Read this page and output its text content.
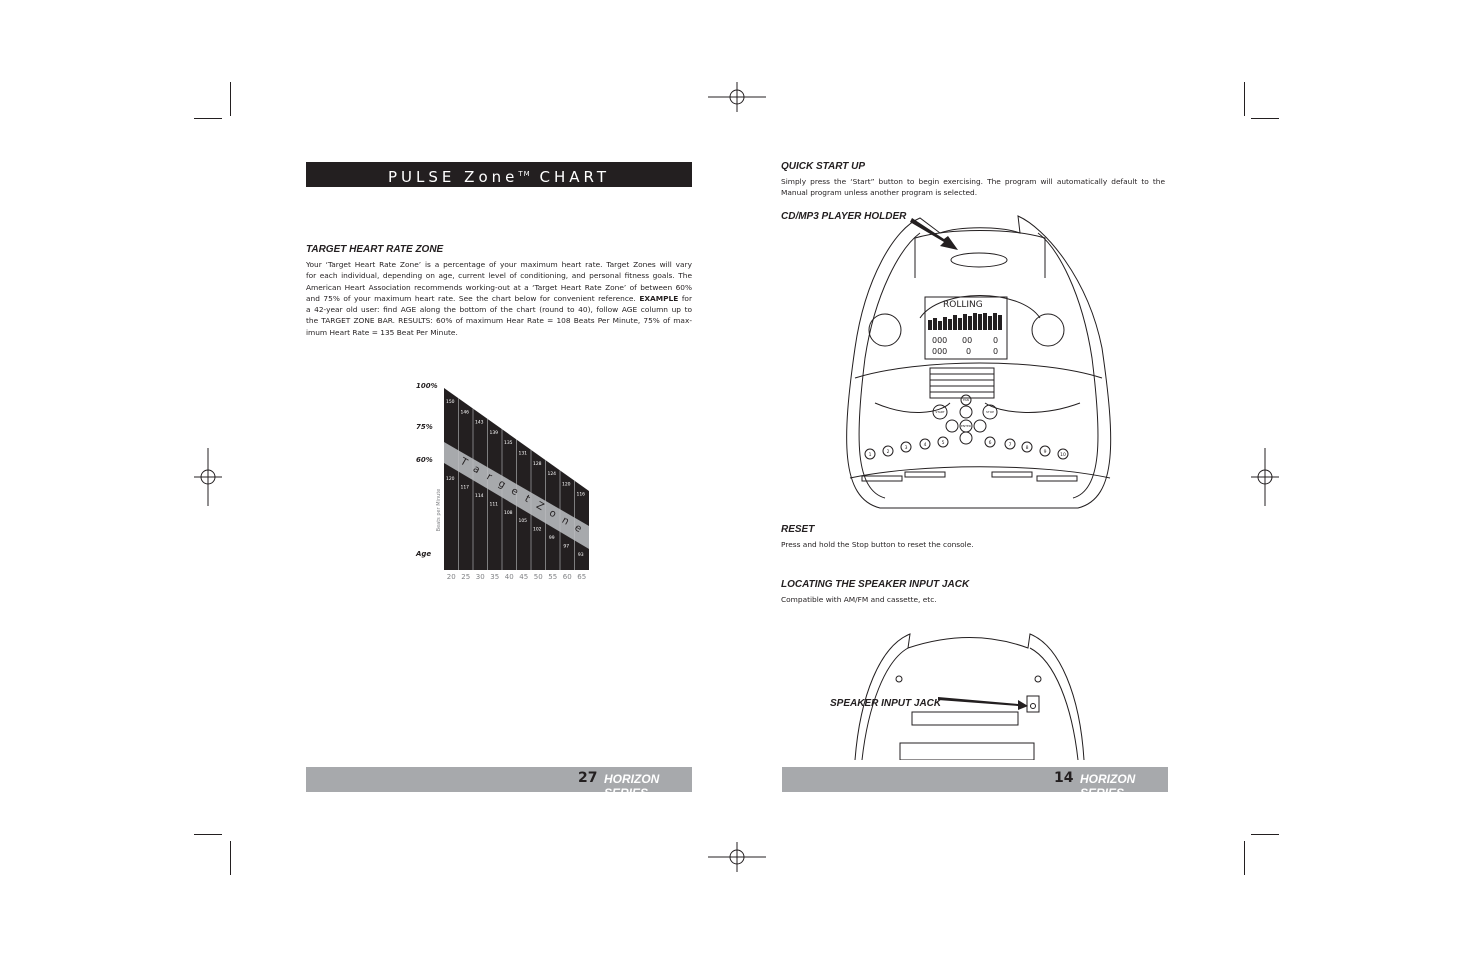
PULSE Zone™ CHART
TARGET HEART RATE ZONE
Your ‘Target Heart Rate Zone’ is a percentage of your maximum heart rate. Target Zones will vary
for each individual, depending on age, current level of conditioning, and personal fitness goals. The
American Heart Association recommends working-out at a ‘Target Heart Rate Zone’ of between 60%
and 75% of your maximum heart rate. See the chart below for convenient reference. EXAMPLE for
a 42-year old user: find AGE along the bottom of the chart (round to 40), follow AGE column up to
the TARGET ZONE BAR. RESULTS: 60% of maximum Hear Rate = 108 Beats Per Minute, 75% of max-
imum Heart Rate = 135 Beat Per Minute.
100%
75%
60%
Age
20
150
120
25
146
117
30
143
114
35
139
111
40
135
108
45
131
105
50
128
102
55
124
99
60
120
97
65
116
93
Beats per Minute
T
a
r
g
e
t
Z
o
n
e
27 HORIZON SERIES
QUICK START UP
Simply press the ‘Start” button to begin exercising. The program will automatically default to the
Manual program unless another program is selected.
CD/MP3 PLAYER HOLDER
ROLLING
000 00	0
000 0	0
FAN
START	STOP
ENTER
1
2
3
4	5	6	7
8
9
10
RESET
Press and hold the Stop button to reset the console.
LOCATING THE SPEAKER INPUT JACK
Compatible with AM/FM and cassette, etc.
SPEAKER INPUT JACK
14 HORIZON SERIES
